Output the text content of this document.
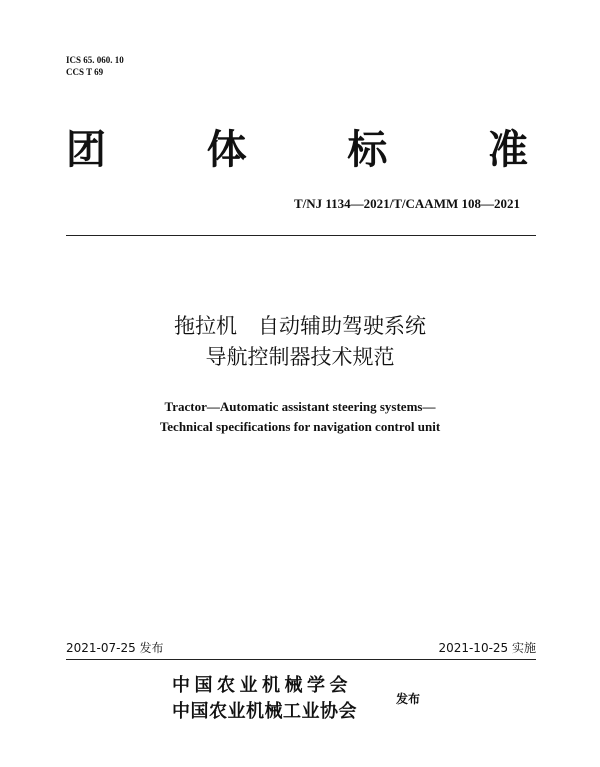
ICS 65. 060. 10
CCS T 69
团	体	标	准
T/NJ 1134—2021/T/CAAMM 108—2021
拖拉机　自动辅助驾驶系统
导航控制器技术规范
Tractor—Automatic assistant steering systems—
Technical specifications for navigation control unit
2021-07-25 发布	2021-10-25 实施
中国农业机械学会
中国农业机械工业协会
发布
